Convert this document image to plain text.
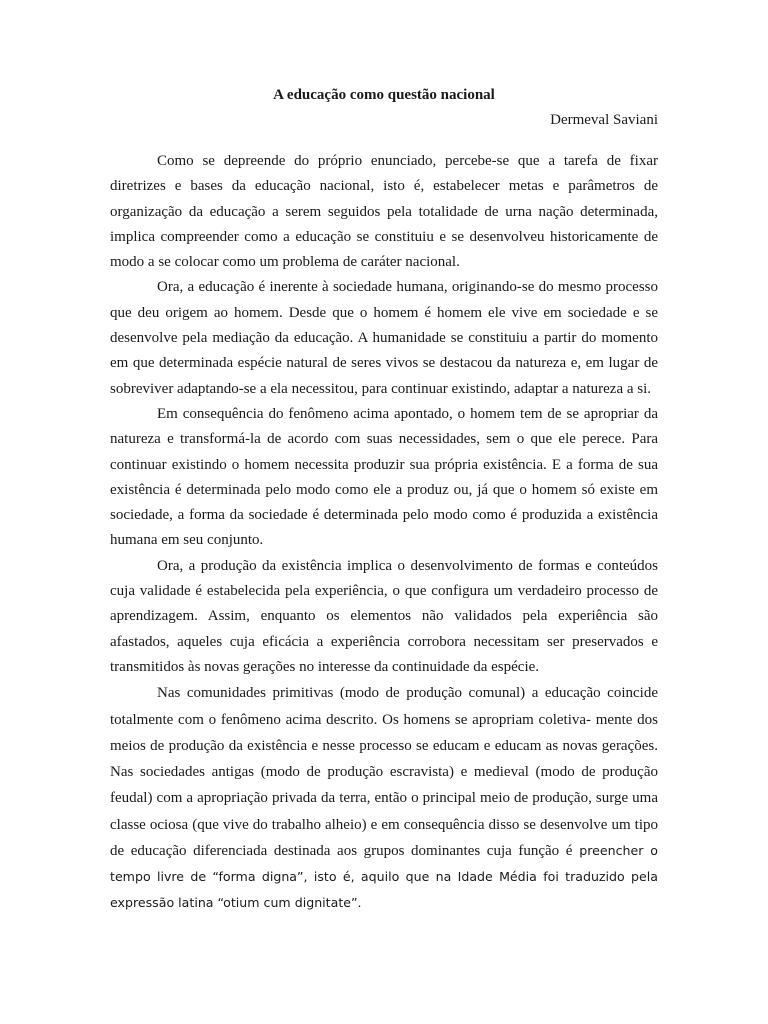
A educação como questão nacional
Dermeval Saviani

Como se depreende do próprio enunciado, percebe-se que a tarefa de fixar diretrizes e bases da educação nacional, isto é, estabelecer metas e parâmetros de organização da educação a serem seguidos pela totalidade de urna nação determinada, implica compreender como a educação se constituiu e se desenvolveu historicamente de modo a se colocar como um problema de caráter nacional.

Ora, a educação é inerente à sociedade humana, originando-se do mesmo processo que deu origem ao homem. Desde que o homem é homem ele vive em sociedade e se desenvolve pela mediação da educação. A humanidade se constituiu a partir do momento em que determinada espécie natural de seres vivos se destacou da natureza e, em lugar de sobreviver adaptando-se a ela necessitou, para continuar existindo, adaptar a natureza a si.

Em consequência do fenômeno acima apontado, o homem tem de se apropriar da natureza e transformá-la de acordo com suas necessidades, sem o que ele perece. Para continuar existindo o homem necessita produzir sua própria existência. E a forma de sua existência é determinada pelo modo como ele a produz ou, já que o homem só existe em sociedade, a forma da sociedade é determinada pelo modo como é produzida a existência humana em seu conjunto.

Ora, a produção da existência implica o desenvolvimento de formas e conteúdos cuja validade é estabelecida pela experiência, o que configura um verdadeiro processo de aprendizagem. Assim, enquanto os elementos não validados pela experiência são afastados, aqueles cuja eficácia a experiência corrobora necessitam ser preservados e transmitidos às novas gerações no interesse da continuidade da espécie.

Nas comunidades primitivas (modo de produção comunal) a educação coincide totalmente com o fenômeno acima descrito. Os homens se apropriam coletiva- mente dos meios de produção da existência e nesse processo se educam e educam as novas gerações. Nas sociedades antigas (modo de produção escravista) e medieval (modo de produção feudal) com a apropriação privada da terra, então o principal meio de produção, surge uma classe ociosa (que vive do trabalho alheio) e em consequência disso se desenvolve um tipo de educação diferenciada destinada aos grupos dominantes cuja função é preencher o tempo livre de “forma digna”, isto é, aquilo que na Idade Média foi traduzido pela expressão latina “otium cum dignitate”.
